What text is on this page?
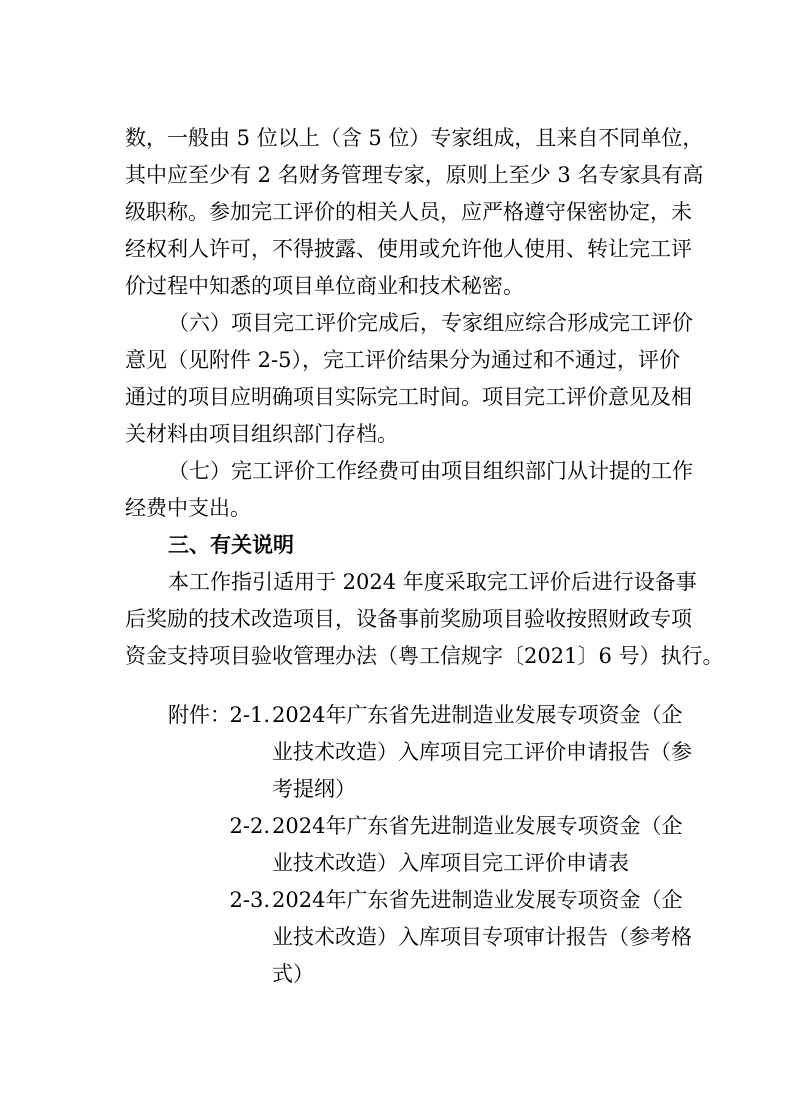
数，一般由 5 位以上（含 5 位）专家组成，且来自不同单位，
其中应至少有 2 名财务管理专家，原则上至少 3 名专家具有高
级职称。参加完工评价的相关人员，应严格遵守保密协定，未
经权利人许可，不得披露、使用或允许他人使用、转让完工评
价过程中知悉的项目单位商业和技术秘密。
（六）项目完工评价完成后，专家组应综合形成完工评价
意见（见附件 2-5），完工评价结果分为通过和不通过，评价
通过的项目应明确项目实际完工时间。项目完工评价意见及相
关材料由项目组织部门存档。
（七）完工评价工作经费可由项目组织部门从计提的工作
经费中支出。
三、有关说明
本工作指引适用于 2024 年度采取完工评价后进行设备事
后奖励的技术改造项目，设备事前奖励项目验收按照财政专项
资金支持项目验收管理办法（粤工信规字〔2021〕6 号）执行。
附件：
2-1. 2024年广东省先进制造业发展专项资金（企
业技术改造）入库项目完工评价申请报告（参
考提纲）
2-2. 2024年广东省先进制造业发展专项资金（企
业技术改造）入库项目完工评价申请表
2-3. 2024年广东省先进制造业发展专项资金（企
业技术改造）入库项目专项审计报告（参考格
式）
